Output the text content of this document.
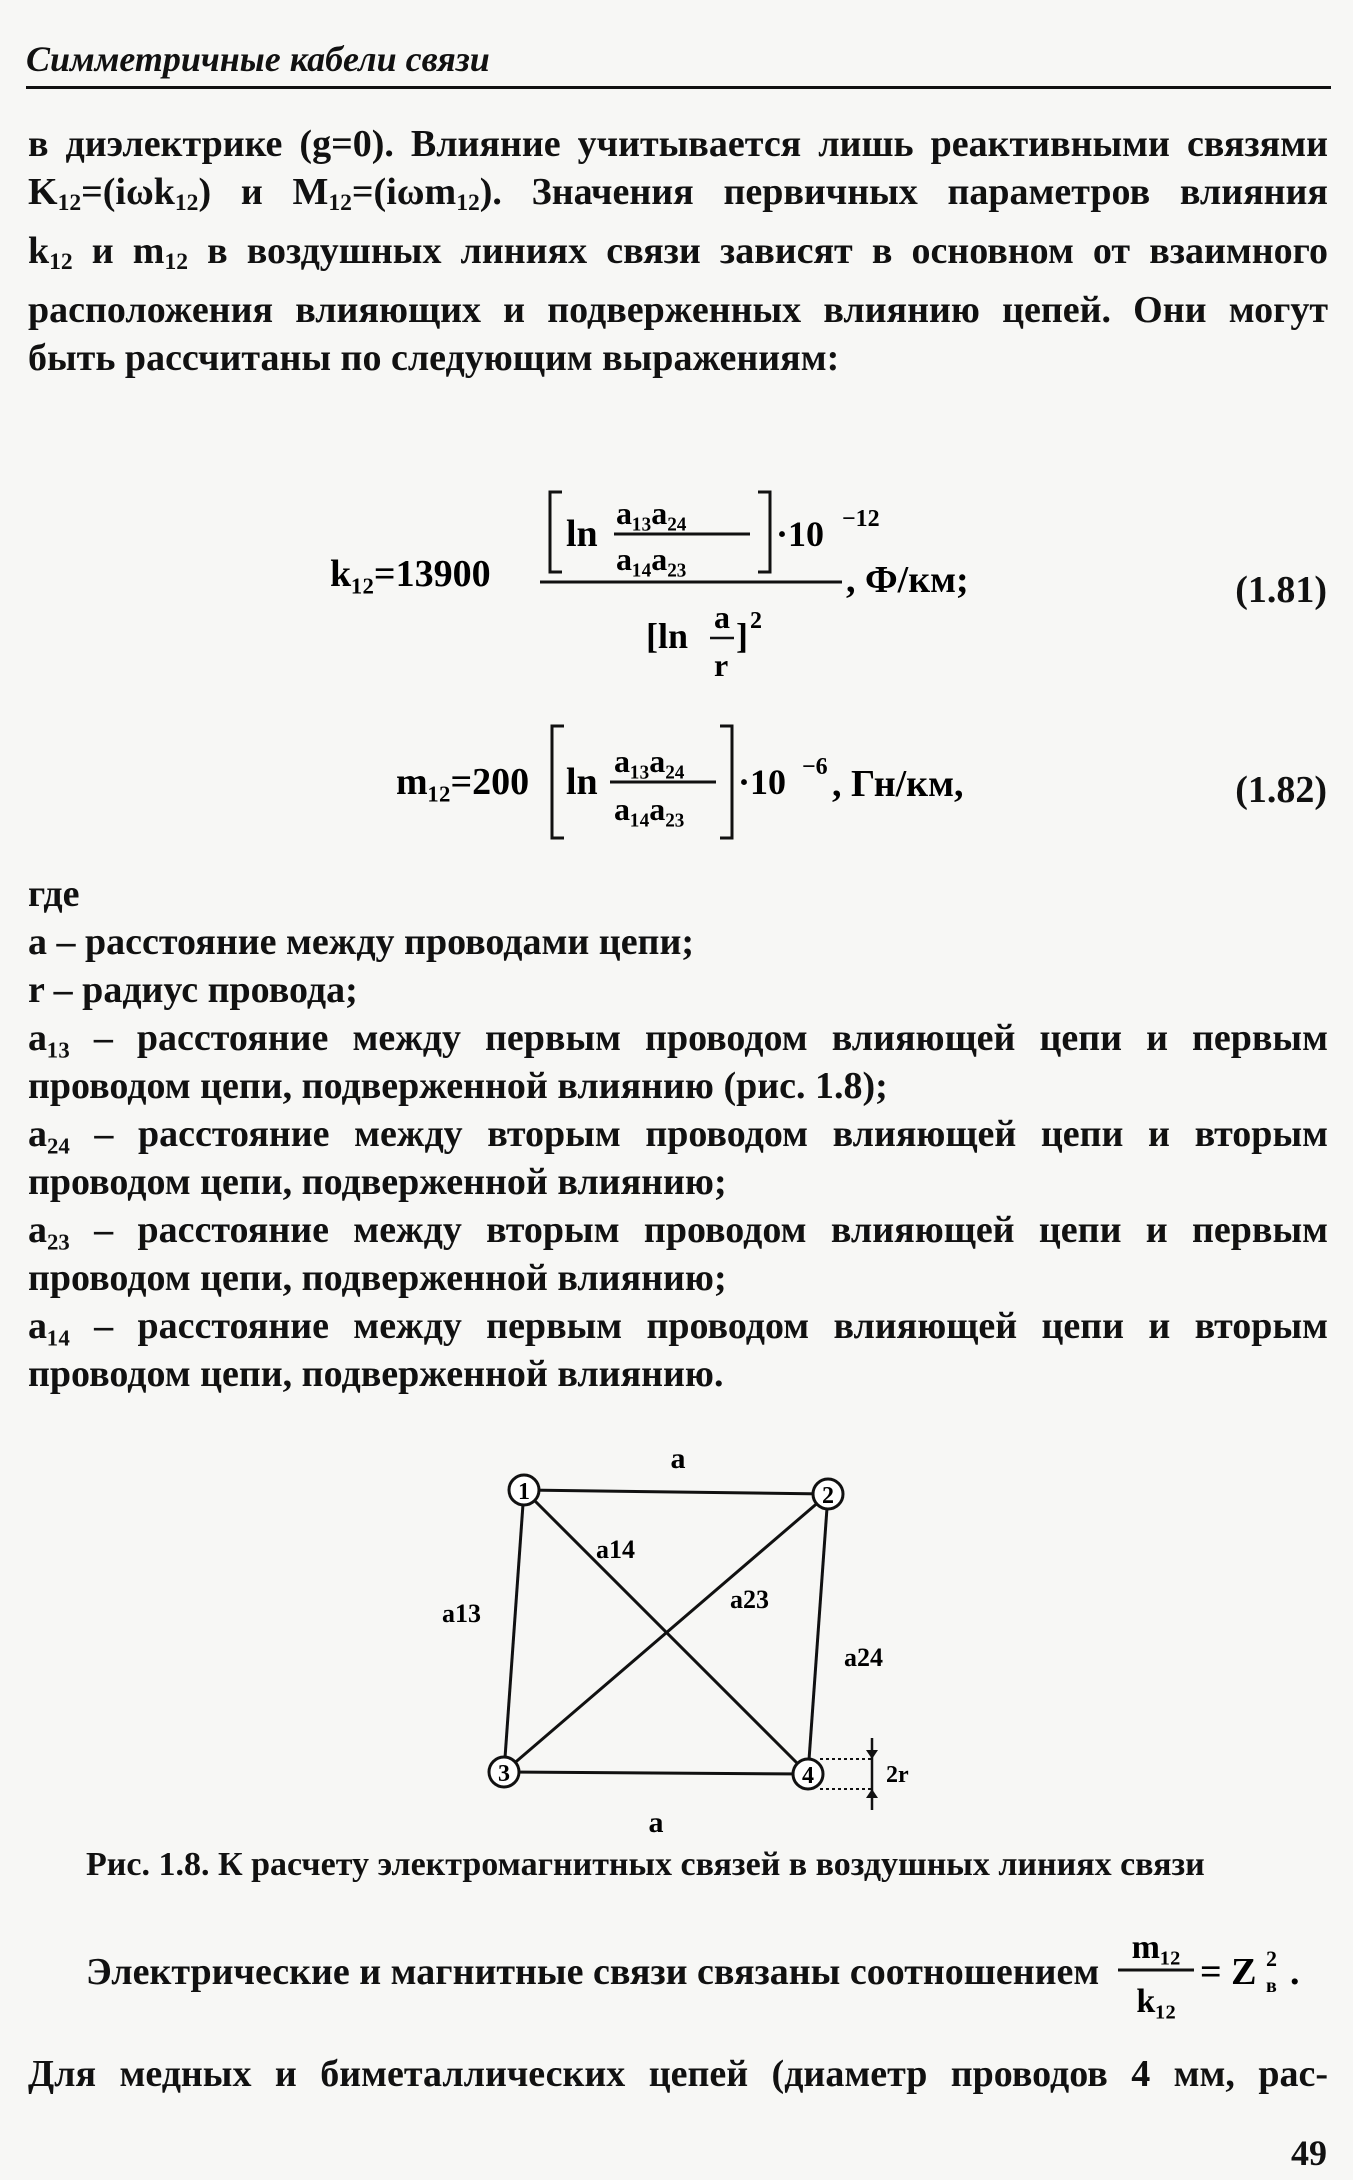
Симметричные кабели связи
в диэлектрике (g=0). Влияние учитывается лишь реактивными связями
$K_{12}=(i\omega k_{12})$ и $M_{12}=(i\omega m_{12})$. Значения первичных параметров влияния
$k_{12}$ и $m_{12}$ в воздушных линиях связи зависят в основном от взаимного
расположения влияющих и подверженных влиянию цепей. Они могут
быть рассчитаны по следующим выражениям:
k₁₂=13900
ln a₁₃a₂₄
a₁₄a₂₃
·10 −12
, Ф/км;
[ln a
r
] 2
(1.81)
m₁₂=200 ln a₁₃a₂₄
a₁₄a₂₃
·10 −6 , Гн/км,	(1.82)
где
a – расстояние между проводами цепи;
r – радиус провода;
a₁₃ – расстояние между первым проводом влияющей цепи и первым
проводом цепи, подверженной влиянию (рис. 1.8);
a₂₄ – расстояние между вторым проводом влияющей цепи и вторым
проводом цепи, подверженной влиянию;
a₂₃ – расстояние между вторым проводом влияющей цепи и первым
проводом цепи, подверженной влиянию;
a₁₄ – расстояние между первым проводом влияющей цепи и вторым
проводом цепи, подверженной влиянию.
1	2
3	4
a
a
a14
a23
a13
a24
2r
Рис. 1.8. К расчету электромагнитных связей в воздушных линиях связи
Электрические и магнитные связи связаны соотношением
m₁₂
k₁₂
= Z 2
в .
Для медных и биметаллических цепей (диаметр проводов 4 мм, рас-
49
